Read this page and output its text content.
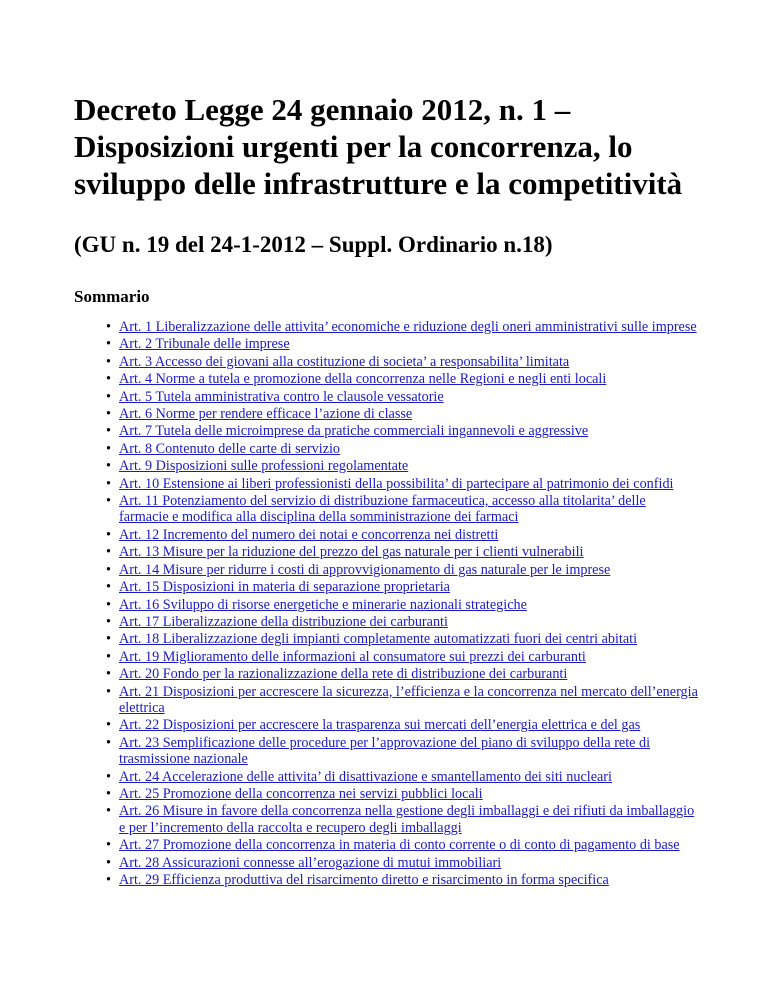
Decreto Legge 24 gennaio 2012, n. 1 – Disposizioni urgenti per la concorrenza, lo sviluppo delle infrastrutture e la competitività
(GU n. 19 del 24-1-2012 – Suppl. Ordinario n.18)
Sommario
• Art. 1 Liberalizzazione delle attivita’ economiche e riduzione degli oneri amministrativi sulle imprese
• Art. 2 Tribunale delle imprese
• Art. 3 Accesso dei giovani alla costituzione di societa’ a responsabilita’ limitata
• Art. 4 Norme a tutela e promozione della concorrenza nelle Regioni e negli enti locali
• Art. 5 Tutela amministrativa contro le clausole vessatorie
• Art. 6 Norme per rendere efficace l’azione di classe
• Art. 7 Tutela delle microimprese da pratiche commerciali ingannevoli e aggressive
• Art. 8 Contenuto delle carte di servizio
• Art. 9 Disposizioni sulle professioni regolamentate
• Art. 10 Estensione ai liberi professionisti della possibilita’ di partecipare al patrimonio dei confidi
• Art. 11 Potenziamento del servizio di distribuzione farmaceutica, accesso alla titolarita’ delle farmacie e modifica alla disciplina della somministrazione dei farmaci
• Art. 12 Incremento del numero dei notai e concorrenza nei distretti
• Art. 13 Misure per la riduzione del prezzo del gas naturale per i clienti vulnerabili
• Art. 14 Misure per ridurre i costi di approvvigionamento di gas naturale per le imprese
• Art. 15 Disposizioni in materia di separazione proprietaria
• Art. 16 Sviluppo di risorse energetiche e minerarie nazionali strategiche
• Art. 17 Liberalizzazione della distribuzione dei carburanti
• Art. 18 Liberalizzazione degli impianti completamente automatizzati fuori dei centri abitati
• Art. 19 Miglioramento delle informazioni al consumatore sui prezzi dei carburanti
• Art. 20 Fondo per la razionalizzazione della rete di distribuzione dei carburanti
• Art. 21 Disposizioni per accrescere la sicurezza, l’efficienza e la concorrenza nel mercato dell’energia elettrica
• Art. 22 Disposizioni per accrescere la trasparenza sui mercati dell’energia elettrica e del gas
• Art. 23 Semplificazione delle procedure per l’approvazione del piano di sviluppo della rete di trasmissione nazionale
• Art. 24 Accelerazione delle attivita’ di disattivazione e smantellamento dei siti nucleari
• Art. 25 Promozione della concorrenza nei servizi pubblici locali
• Art. 26 Misure in favore della concorrenza nella gestione degli imballaggi e dei rifiuti da imballaggio e per l’incremento della raccolta e recupero degli imballaggi
• Art. 27 Promozione della concorrenza in materia di conto corrente o di conto di pagamento di base
• Art. 28 Assicurazioni connesse all’erogazione di mutui immobiliari
• Art. 29 Efficienza produttiva del risarcimento diretto e risarcimento in forma specifica
